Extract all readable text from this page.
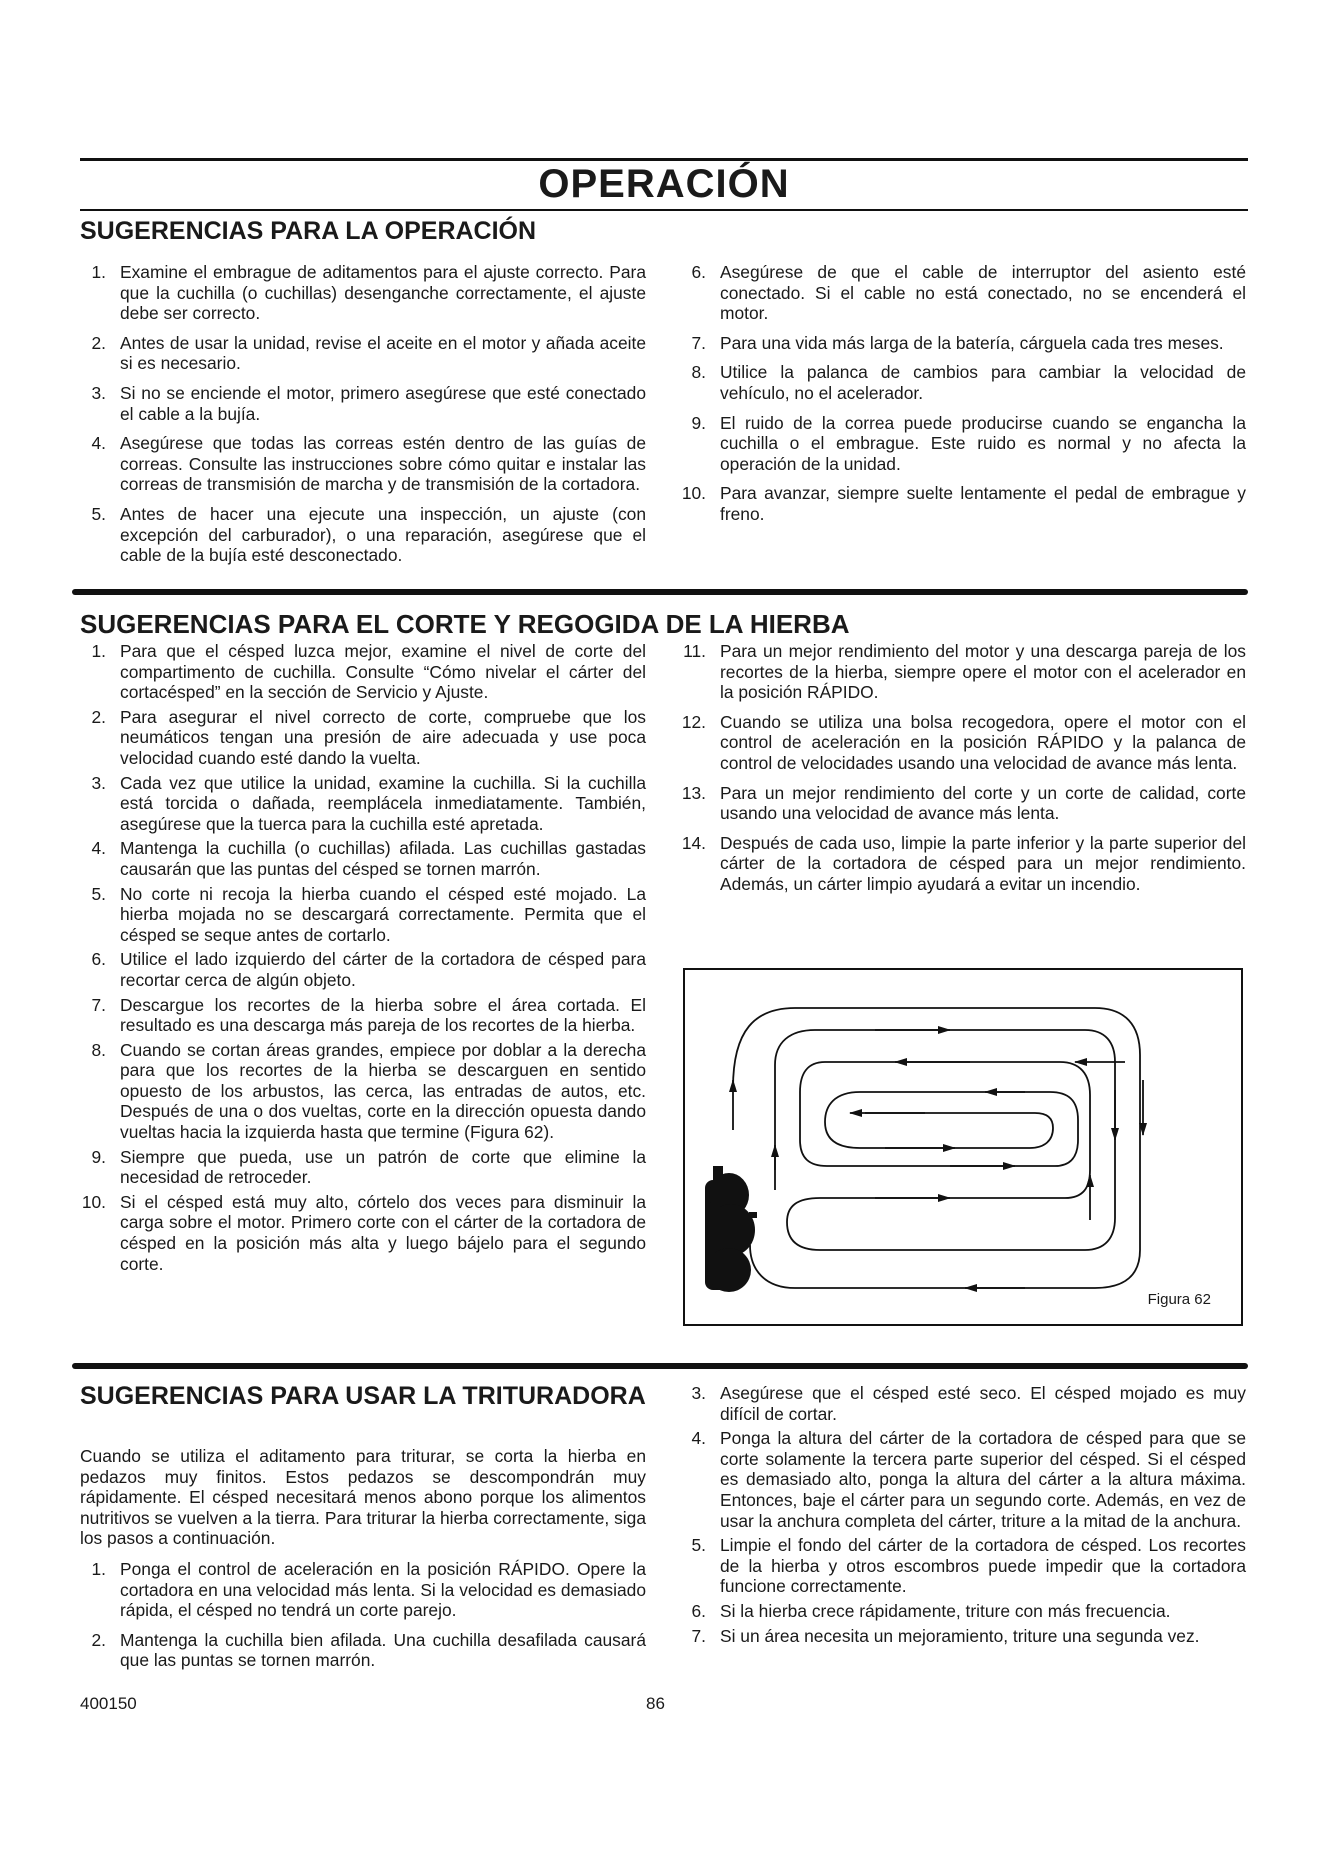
OPERACIÓN
SUGERENCIAS PARA LA OPERACIÓN
1. Examine el embrague de aditamentos para el ajuste correcto. Para que la cuchilla (o cuchillas) desenganche correctamente, el ajuste debe ser correcto.
2. Antes de usar la unidad, revise el aceite en el motor y añada aceite si es necesario.
3. Si no se enciende el motor, primero asegúrese que esté conectado el cable a la bujía.
4. Asegúrese que todas las correas estén dentro de las guías de correas. Consulte las instrucciones sobre cómo quitar e instalar las correas de transmisión de marcha y de transmisión de la cortadora.
5. Antes de hacer una ejecute una inspección, un ajuste (con excepción del carburador), o una reparación, asegúrese que el cable de la bujía esté desconectado.
6. Asegúrese de que el cable de interruptor del asiento esté conectado. Si el cable no está conectado, no se encenderá el motor.
7. Para una vida más larga de la batería, cárguela cada tres meses.
8. Utilice la palanca de cambios para cambiar la velocidad de vehículo, no el acelerador.
9. El ruido de la correa puede producirse cuando se engancha la cuchilla o el embrague. Este ruido es normal y no afecta la operación de la unidad.
10. Para avanzar, siempre suelte lentamente el pedal de embrague y freno.
SUGERENCIAS PARA EL CORTE Y REGOGIDA DE LA HIERBA
1. Para que el césped luzca mejor, examine el nivel de corte del compartimento de cuchilla. Consulte “Cómo nivelar el cárter del cortacésped” en la sección de Servicio y Ajuste.
2. Para asegurar el nivel correcto de corte, compruebe que los neumáticos tengan una presión de aire adecuada y use poca velocidad cuando esté dando la vuelta.
3. Cada vez que utilice la unidad, examine la cuchilla. Si la cuchilla está torcida o dañada, reemplácela inmediatamente. También, asegúrese que la tuerca para la cuchilla esté apretada.
4. Mantenga la cuchilla (o cuchillas) afilada. Las cuchillas gastadas causarán que las puntas del césped se tornen marrón.
5. No corte ni recoja la hierba cuando el césped esté mojado. La hierba mojada no se descargará correctamente. Permita que el césped se seque antes de cortarlo.
6. Utilice el lado izquierdo del cárter de la cortadora de césped para recortar cerca de algún objeto.
7. Descargue los recortes de la hierba sobre el área cortada. El resultado es una descarga más pareja de los recortes de la hierba.
8. Cuando se cortan áreas grandes, empiece por doblar a la derecha para que los recortes de la hierba se descarguen en sentido opuesto de los arbustos, las cerca, las entradas de autos, etc. Después de una o dos vueltas, corte en la dirección opuesta dando vueltas hacia la izquierda hasta que termine (Figura 62).
9. Siempre que pueda, use un patrón de corte que elimine la necesidad de retroceder.
10. Si el césped está muy alto, córtelo dos veces para disminuir la carga sobre el motor. Primero corte con el cárter de la cortadora de césped en la posición más alta y luego bájelo para el segundo corte.
11. Para un mejor rendimiento del motor y una descarga pareja de los recortes de la hierba, siempre opere el motor con el acelerador en la posición RÁPIDO.
12. Cuando se utiliza una bolsa recogedora, opere el motor con el control de aceleración en la posición RÁPIDO y la palanca de control de velocidades usando una velocidad de avance más lenta.
13. Para un mejor rendimiento del corte y un corte de calidad, corte usando una velocidad de avance más lenta.
14. Después de cada uso, limpie la parte inferior y la parte superior del cárter de la cortadora de césped para un mejor rendimiento. Además, un cárter limpio ayudará a evitar un incendio.
Figura 62
SUGERENCIAS PARA USAR LA TRITURADORA

Cuando se utiliza el aditamento para triturar, se corta la hierba en pedazos muy finitos. Estos pedazos se descompondrán muy rápidamente. El césped necesitará menos abono porque los alimentos nutritivos se vuelven a la tierra. Para triturar la hierba correctamente, siga los pasos a continuación.

1. Ponga el control de aceleración en la posición RÁPIDO. Opere la cortadora en una velocidad más lenta. Si la velocidad es demasiado rápida, el césped no tendrá un corte parejo.
2. Mantenga la cuchilla bien afilada. Una cuchilla desafilada causará que las puntas se tornen marrón.
3. Asegúrese que el césped esté seco. El césped mojado es muy difícil de cortar.
4. Ponga la altura del cárter de la cortadora de césped para que se corte solamente la tercera parte superior del césped. Si el césped es demasiado alto, ponga la altura del cárter a la altura máxima. Entonces, baje el cárter para un segundo corte. Además, en vez de usar la anchura completa del cárter, triture a la mitad de la anchura.
5. Limpie el fondo del cárter de la cortadora de césped. Los recortes de la hierba y otros escombros puede impedir que la cortadora funcione correctamente.
6. Si la hierba crece rápidamente, triture con más frecuencia.
7. Si un área necesita un mejoramiento, triture una segunda vez.
400150	86
